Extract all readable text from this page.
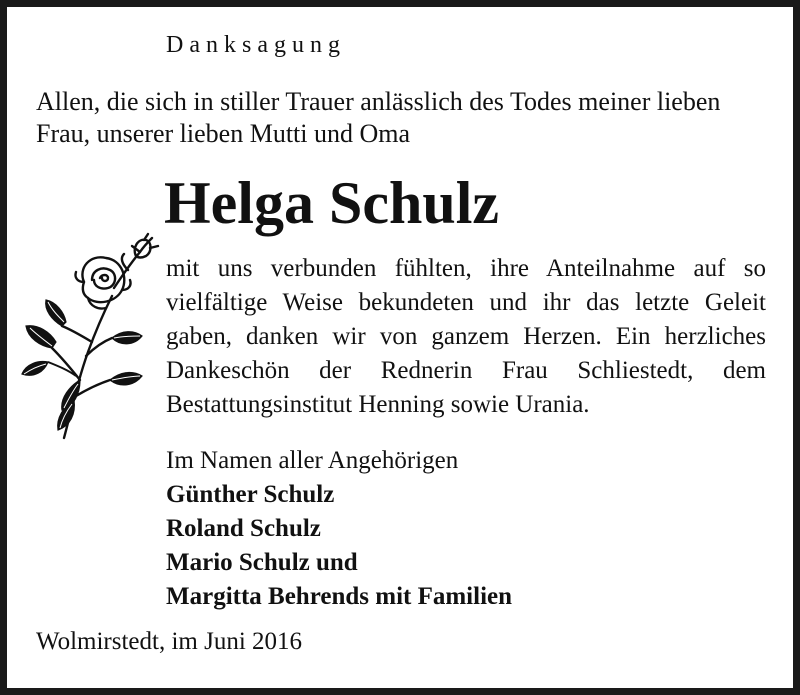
Danksagung
Allen, die sich in stiller Trauer anlässlich des Todes meiner lieben
Frau, unserer lieben Mutti und Oma
Helga Schulz
mit uns verbunden fühlten, ihre Anteilnahme auf so
vielfältige Weise bekundeten und ihr das letzte Geleit
gaben, danken wir von ganzem Herzen. Ein herzliches
Dankeschön der Rednerin Frau Schliestedt, dem
Bestattungsinstitut Henning sowie Urania.
Im Namen aller Angehörigen
Günther Schulz
Roland Schulz
Mario Schulz und
Margitta Behrends mit Familien
Wolmirstedt, im Juni 2016
